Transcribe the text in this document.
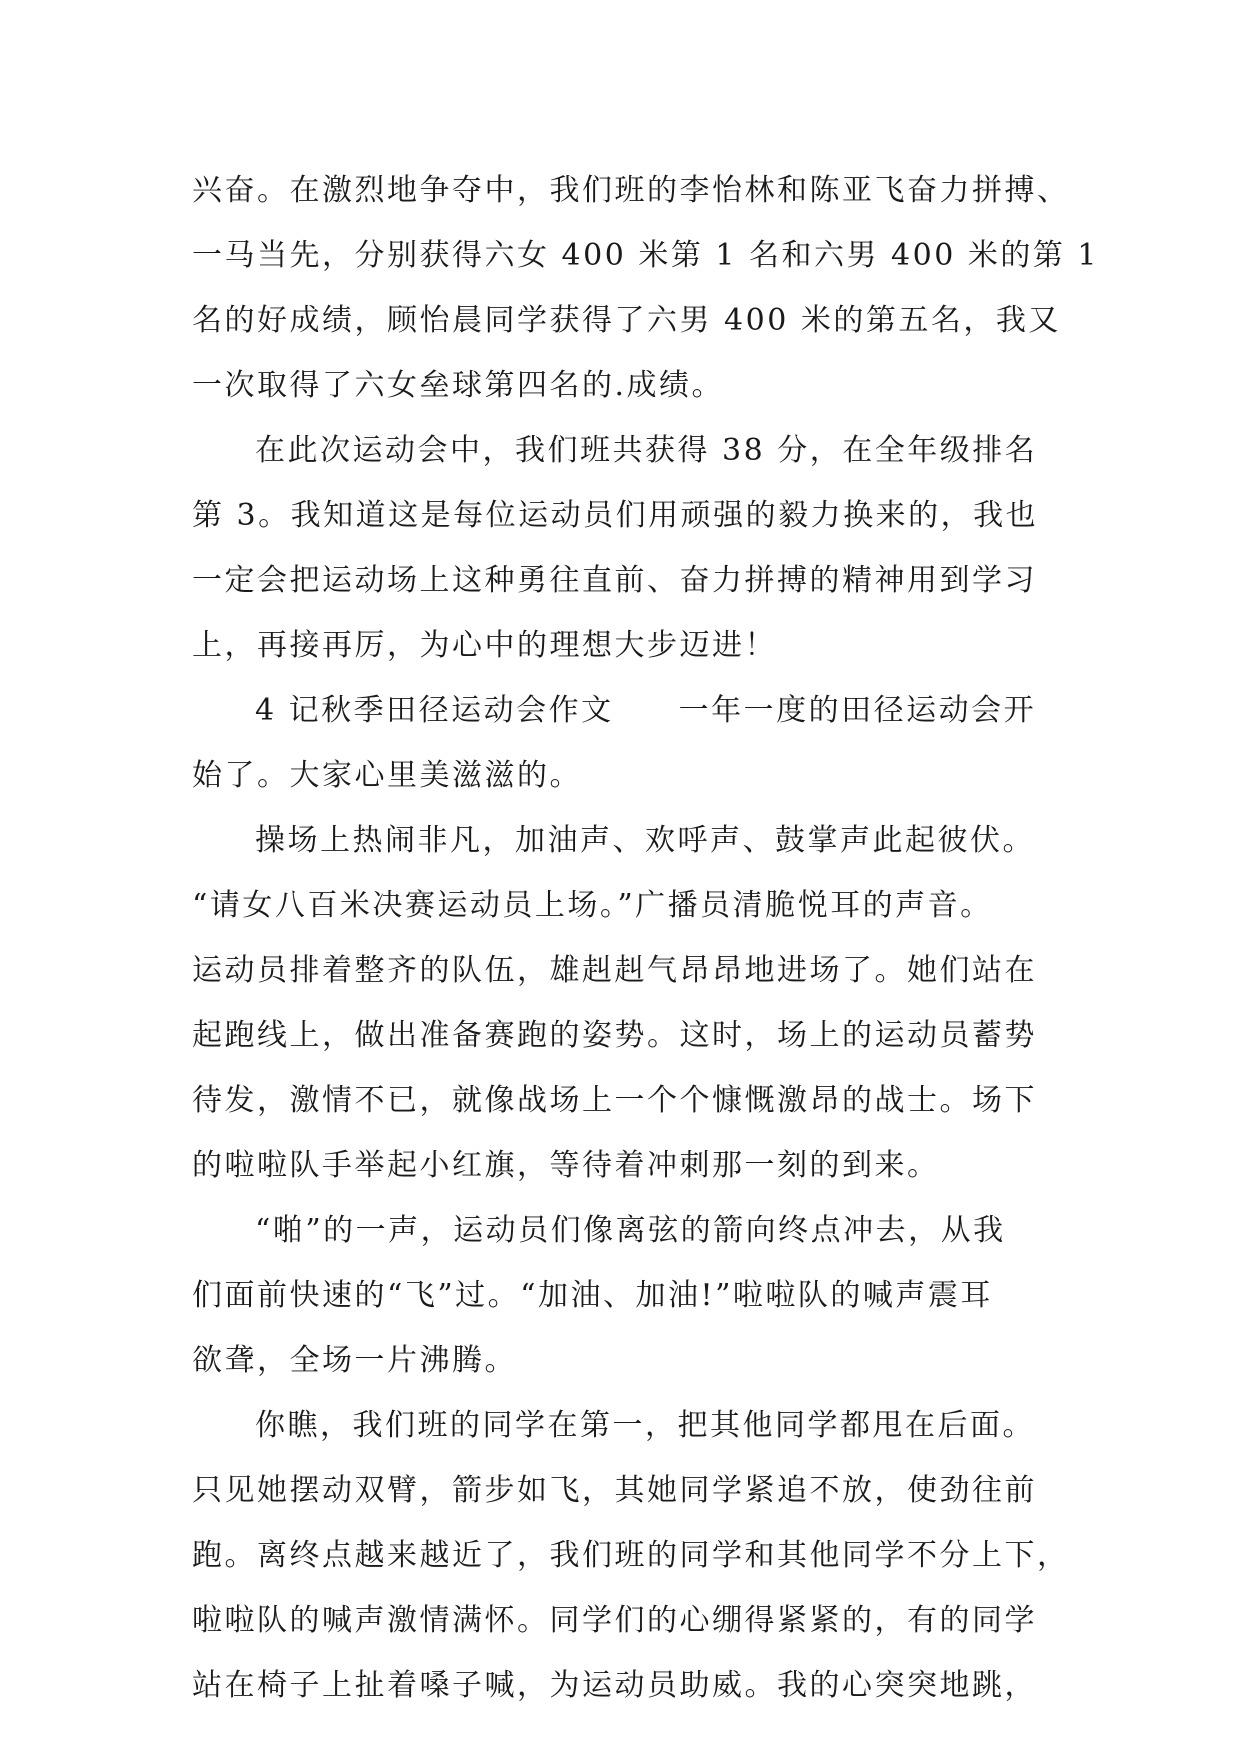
兴奋。在激烈地争夺中，我们班的李怡林和陈亚飞奋力拼搏、
一马当先，分别获得六女 400 米第 1 名和六男 400 米的第 1
名的好成绩，顾怡晨同学获得了六男 400 米的第五名，我又
一次取得了六女垒球第四名的.成绩。
在此次运动会中，我们班共获得 38 分，在全年级排名
第 3。我知道这是每位运动员们用顽强的毅力换来的，我也
一定会把运动场上这种勇往直前、奋力拼搏的精神用到学习
上，再接再厉，为心中的理想大步迈进！
4 记秋季田径运动会作文　　一年一度的田径运动会开
始了。大家心里美滋滋的。
操场上热闹非凡，加油声、欢呼声、鼓掌声此起彼伏。
“请女八百米决赛运动员上场。”广播员清脆悦耳的声音。
运动员排着整齐的队伍，雄赳赳气昂昂地进场了。她们站在
起跑线上，做出准备赛跑的姿势。这时，场上的运动员蓄势
待发，激情不已，就像战场上一个个慷慨激昂的战士。场下
的啦啦队手举起小红旗，等待着冲刺那一刻的到来。
“啪”的一声，运动员们像离弦的箭向终点冲去，从我
们面前快速的“飞”过。“加油、加油!”啦啦队的喊声震耳
欲聋，全场一片沸腾。
你瞧，我们班的同学在第一，把其他同学都甩在后面。
只见她摆动双臂，箭步如飞，其她同学紧追不放，使劲往前
跑。离终点越来越近了，我们班的同学和其他同学不分上下，
啦啦队的喊声激情满怀。同学们的心绷得紧紧的，有的同学
站在椅子上扯着嗓子喊，为运动员助威。我的心突突地跳，
